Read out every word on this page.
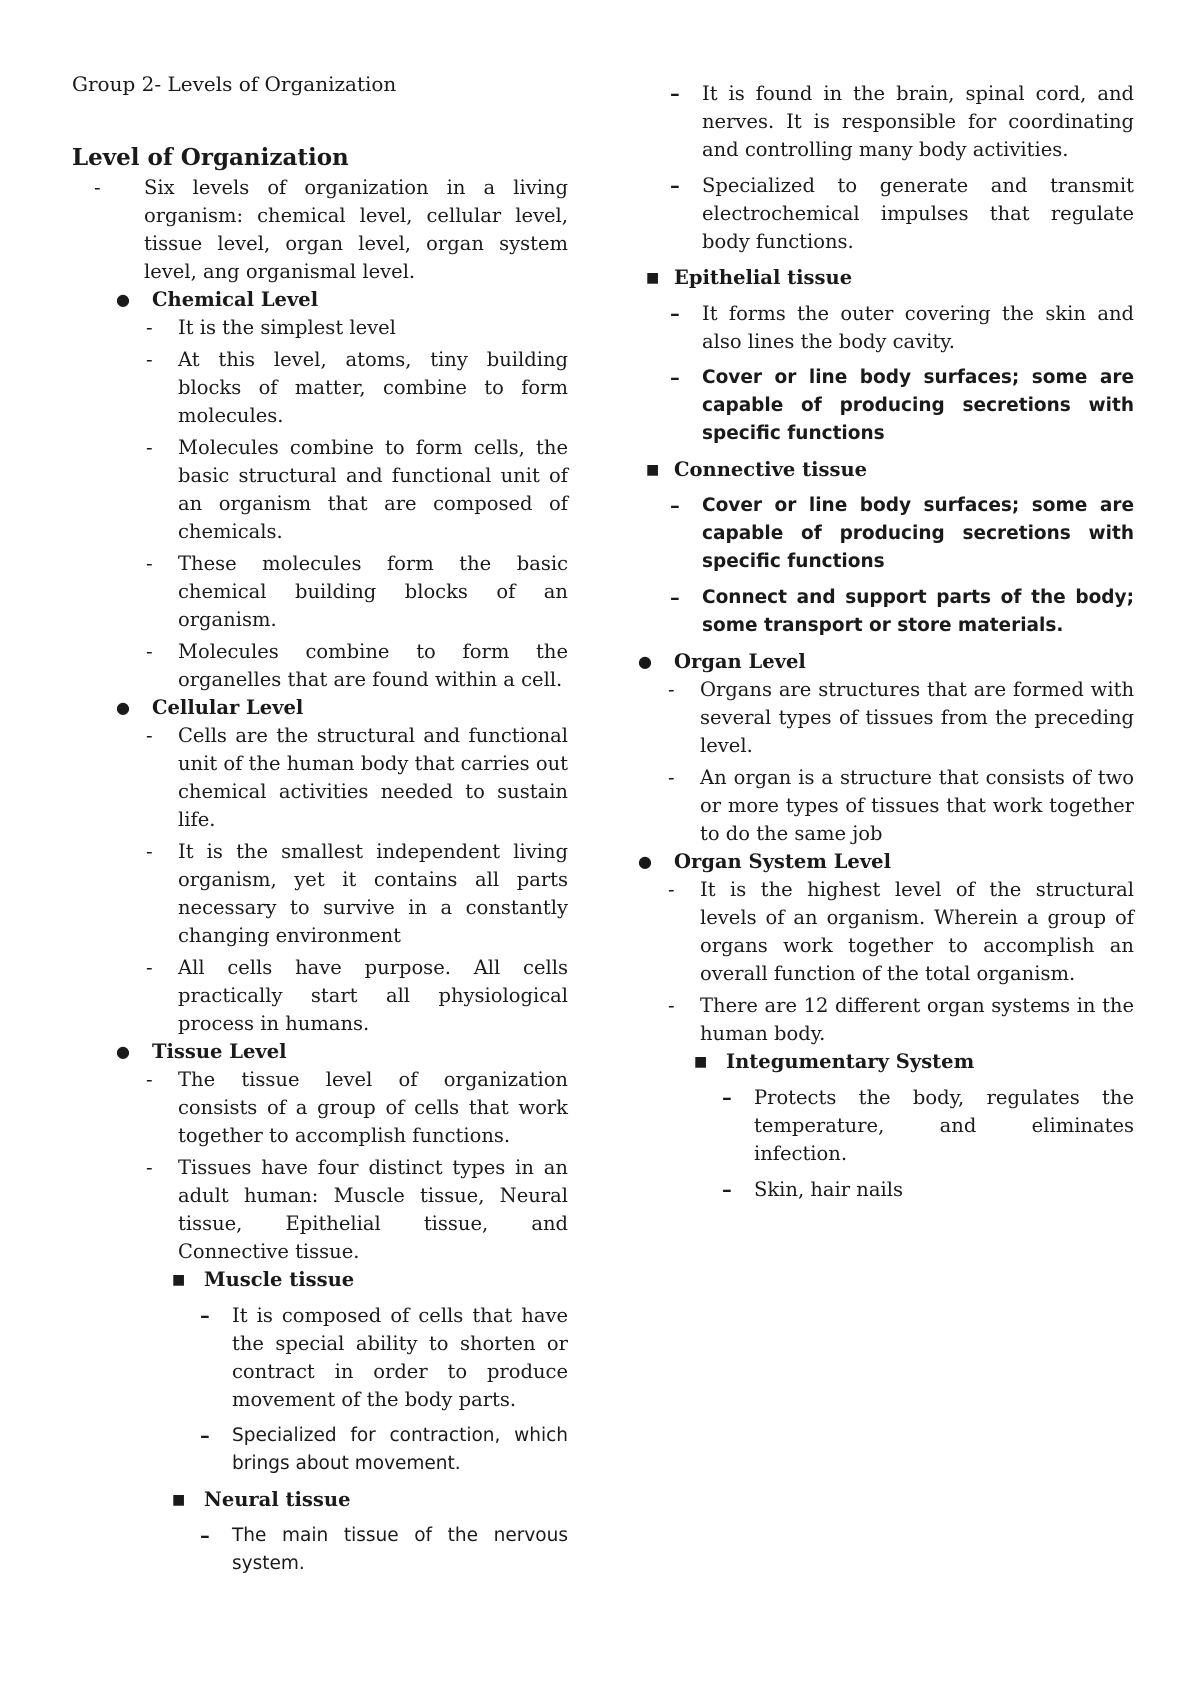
Group 2- Levels of Organization
Level of Organization
- Six levels of organization in a living organism: chemical level, cellular level, tissue level, organ level, organ system level, ang organismal level.
● Chemical Level
- It is the simplest level
- At this level, atoms, tiny building blocks of matter, combine to form molecules.
- Molecules combine to form cells, the basic structural and functional unit of an organism that are composed of chemicals.
- These molecules form the basic chemical building blocks of an organism.
- Molecules combine to form the organelles that are found within a cell.
● Cellular Level
- Cells are the structural and functional unit of the human body that carries out chemical activities needed to sustain life.
- It is the smallest independent living organism, yet it contains all parts necessary to survive in a constantly changing environment
- All cells have purpose. All cells practically start all physiological process in humans.
● Tissue Level
- The tissue level of organization consists of a group of cells that work together to accomplish functions.
- Tissues have four distinct types in an adult human: Muscle tissue, Neural tissue, Epithelial tissue, and Connective tissue.
■ Muscle tissue
– It is composed of cells that have the special ability to shorten or contract in order to produce movement of the body parts.
– Specialized for contraction, which brings about movement.
■ Neural tissue
– The main tissue of the nervous system.
– It is found in the brain, spinal cord, and nerves. It is responsible for coordinating and controlling many body activities.
– Specialized to generate and transmit electrochemical impulses that regulate body functions.
■ Epithelial tissue
– It forms the outer covering the skin and also lines the body cavity.
– Cover or line body surfaces; some are capable of producing secretions with specific functions
■ Connective tissue
– Cover or line body surfaces; some are capable of producing secretions with specific functions
– Connect and support parts of the body; some transport or store materials.
● Organ Level
- Organs are structures that are formed with several types of tissues from the preceding level.
- An organ is a structure that consists of two or more types of tissues that work together to do the same job
● Organ System Level
- It is the highest level of the structural levels of an organism. Wherein a group of organs work together to accomplish an overall function of the total organism.
- There are 12 different organ systems in the human body.
■ Integumentary System
– Protects the body, regulates the temperature, and eliminates infection.
– Skin, hair nails
